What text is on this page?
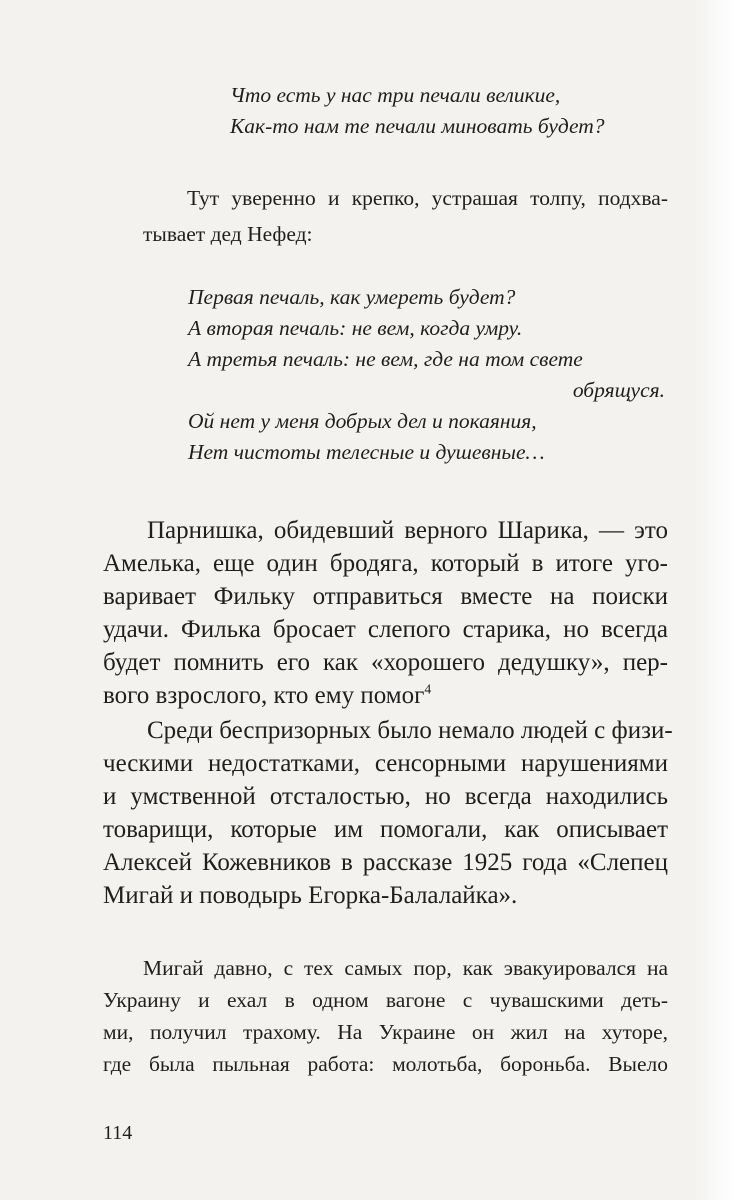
Что есть у нас три печали великие,
Как-то нам те печали миновать будет?
Тут уверенно и крепко, устрашая толпу, подхва-
тывает дед Нефед:
Первая печаль, как умереть будет?
А вторая печаль: не вем, когда умру.
А третья печаль: не вем, где на том свете
обрящуся.
Ой нет у меня добрых дел и покаяния,
Нет чистоты телесные и душевные…
Парнишка, обидевший верного Шарика, — это
Амелька, еще один бродяга, который в итоге уго-
варивает Фильку отправиться вместе на поиски
удачи. Филька бросает слепого старика, но всегда
будет помнить его как «хорошего дедушку», пер-
вого взрослого, кто ему помог$^4$
Среди беспризорных было немало людей с физи-
ческими недостатками, сенсорными нарушениями
и умственной отсталостью, но всегда находились
товарищи, которые им помогали, как описывает
Алексей Кожевников в рассказе 1925 года «Слепец
Мигай и поводырь Егорка-Балалайка».
Мигай давно, с тех самых пор, как эвакуировался на
Украину и ехал в одном вагоне с чувашскими деть-
ми, получил трахому. На Украине он жил на хуторе,
где была пыльная работа: молотьба, бороньба. Выело
114
